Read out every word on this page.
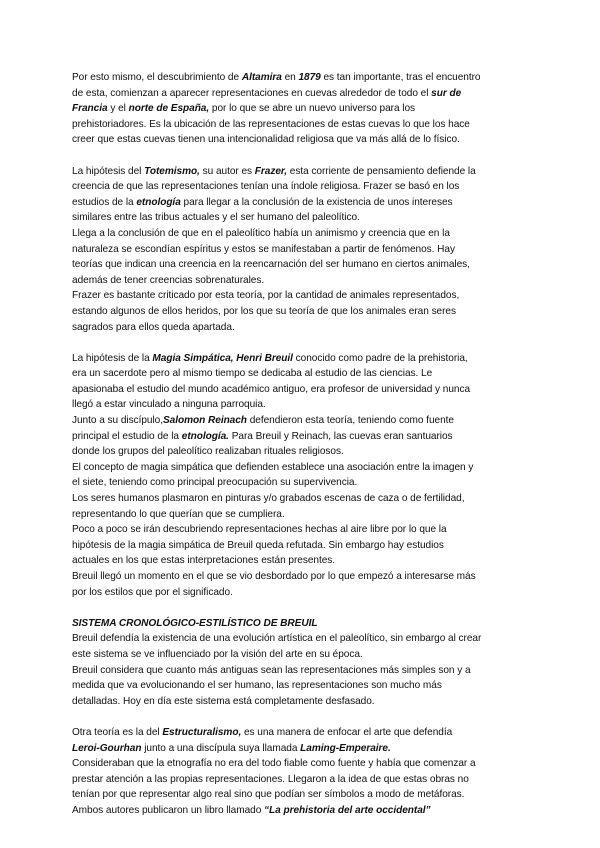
Por esto mismo, el descubrimiento de Altamira en 1879 es tan importante, tras el encuentro
de esta, comienzan a aparecer representaciones en cuevas alrededor de todo el sur de
Francia y el norte de España, por lo que se abre un nuevo universo para los
prehistoriadores. Es la ubicación de las representaciones de estas cuevas lo que los hace
creer que estas cuevas tienen una intencionalidad religiosa que va más allá de lo físico.
La hipótesis del Totemismo, su autor es Frazer, esta corriente de pensamiento defiende la
creencia de que las representaciones tenían una índole religiosa. Frazer se basó en los
estudios de la etnología para llegar a la conclusión de la existencia de unos intereses
similares entre las tribus actuales y el ser humano del paleolítico.
Llega a la conclusión de que en el paleolítico había un animismo y creencia que en la
naturaleza se escondían espíritus y estos se manifestaban a partir de fenómenos. Hay
teorías que indican una creencia en la reencarnación del ser humano en ciertos animales,
además de tener creencias sobrenaturales.
Frazer es bastante criticado por esta teoría, por la cantidad de animales representados,
estando algunos de ellos heridos, por los que su teoría de que los animales eran seres
sagrados para ellos queda apartada.
La hipótesis de la Magia Simpática, Henri Breuil conocido como padre de la prehistoria,
era un sacerdote pero al mismo tiempo se dedicaba al estudio de las ciencias. Le
apasionaba el estudio del mundo académico antiguo, era profesor de universidad y nunca
llegó a estar vinculado a ninguna parroquia.
Junto a su discípulo,Salomon Reinach defendieron esta teoría, teniendo como fuente
principal el estudio de la etnología. Para Breuil y Reinach, las cuevas eran santuarios
donde los grupos del paleolítico realizaban rituales religiosos.
El concepto de magia simpática que defienden establece una asociación entre la imagen y
el siete, teniendo como principal preocupación su supervivencia.
Los seres humanos plasmaron en pinturas y/o grabados escenas de caza o de fertilidad,
representando lo que querían que se cumpliera.
Poco a poco se irán descubriendo representaciones hechas al aire libre por lo que la
hipótesis de la magia simpática de Breuil queda refutada. Sin embargo hay estudios
actuales en los que estas interpretaciones están presentes.
Breuil llegó un momento en el que se vio desbordado por lo que empezó a interesarse más
por los estilos que por el significado.
SISTEMA CRONOLÓGICO-ESTILÍSTICO DE BREUIL
Breuil defendía la existencia de una evolución artística en el paleolítico, sin embargo al crear
este sistema se ve influenciado por la visión del arte en su época.
Breuil considera que cuanto más antiguas sean las representaciones más simples son y a
medida que va evolucionando el ser humano, las representaciones son mucho más
detalladas. Hoy en día este sistema está completamente desfasado.
Otra teoría es la del Estructuralismo, es una manera de enfocar el arte que defendía
Leroi-Gourhan junto a una discípula suya llamada Laming-Emperaire.
Consideraban que la etnografía no era del todo fiable como fuente y había que comenzar a
prestar atención a las propias representaciones. Llegaron a la idea de que estas obras no
tenían por que representar algo real sino que podían ser símbolos a modo de metáforas.
Ambos autores publicaron un libro llamado “La prehistoria del arte occidental”
